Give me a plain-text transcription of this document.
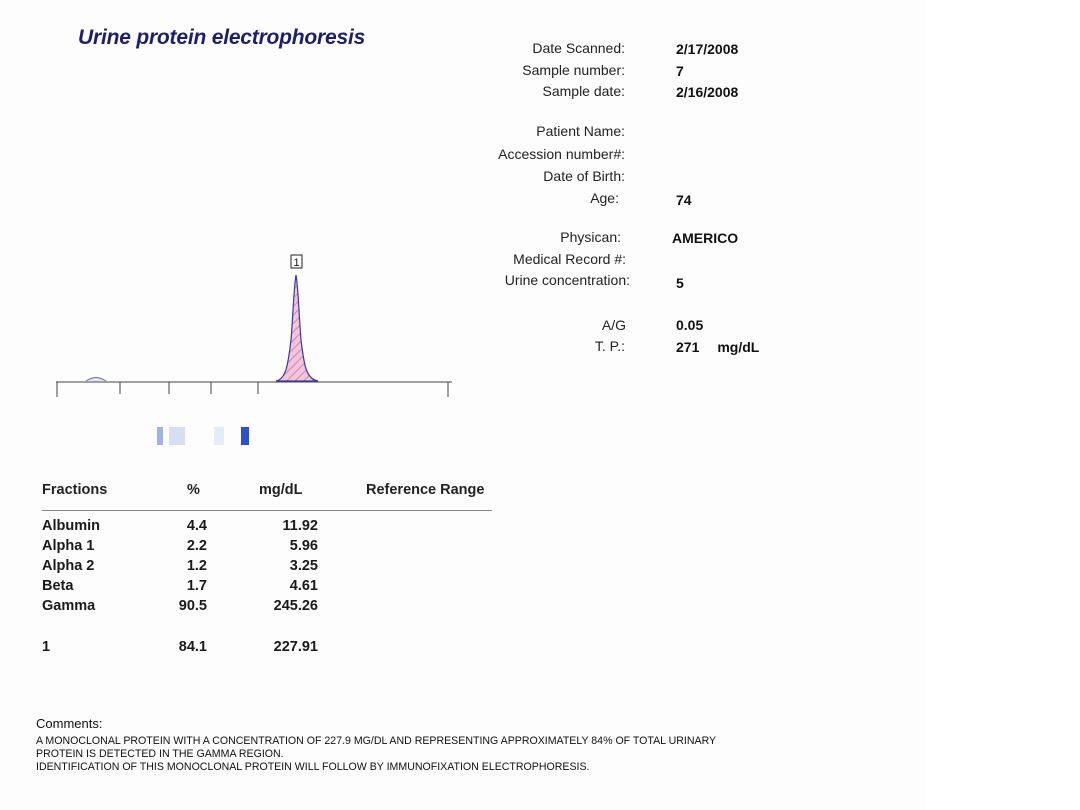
Urine protein electrophoresis	Date Scanned:	2/17/2008
Sample number:	7
Sample date:	2/16/2008
Patient Name:
Accession number#:
Date of Birth:
Age:	74
Physican:	AMERICO
Medical Record #:
Urine concentration:	5
A/G	0.05
T. P.:	271 mg/dL
1
Fractions	%	mg/dL	Reference Range
Albumin	4.4	11.92
Alpha 1	2.2	5.96
Alpha 2	1.2	3.25
Beta	1.7	4.61
Gamma	90.5	245.26
1	84.1	227.91
Comments:
A MONOCLONAL PROTEIN WITH A CONCENTRATION OF 227.9 MG/DL AND REPRESENTING APPROXIMATELY 84% OF TOTAL URINARY
PROTEIN IS DETECTED IN THE GAMMA REGION.
IDENTIFICATION OF THIS MONOCLONAL PROTEIN WILL FOLLOW BY IMMUNOFIXATION ELECTROPHORESIS.
